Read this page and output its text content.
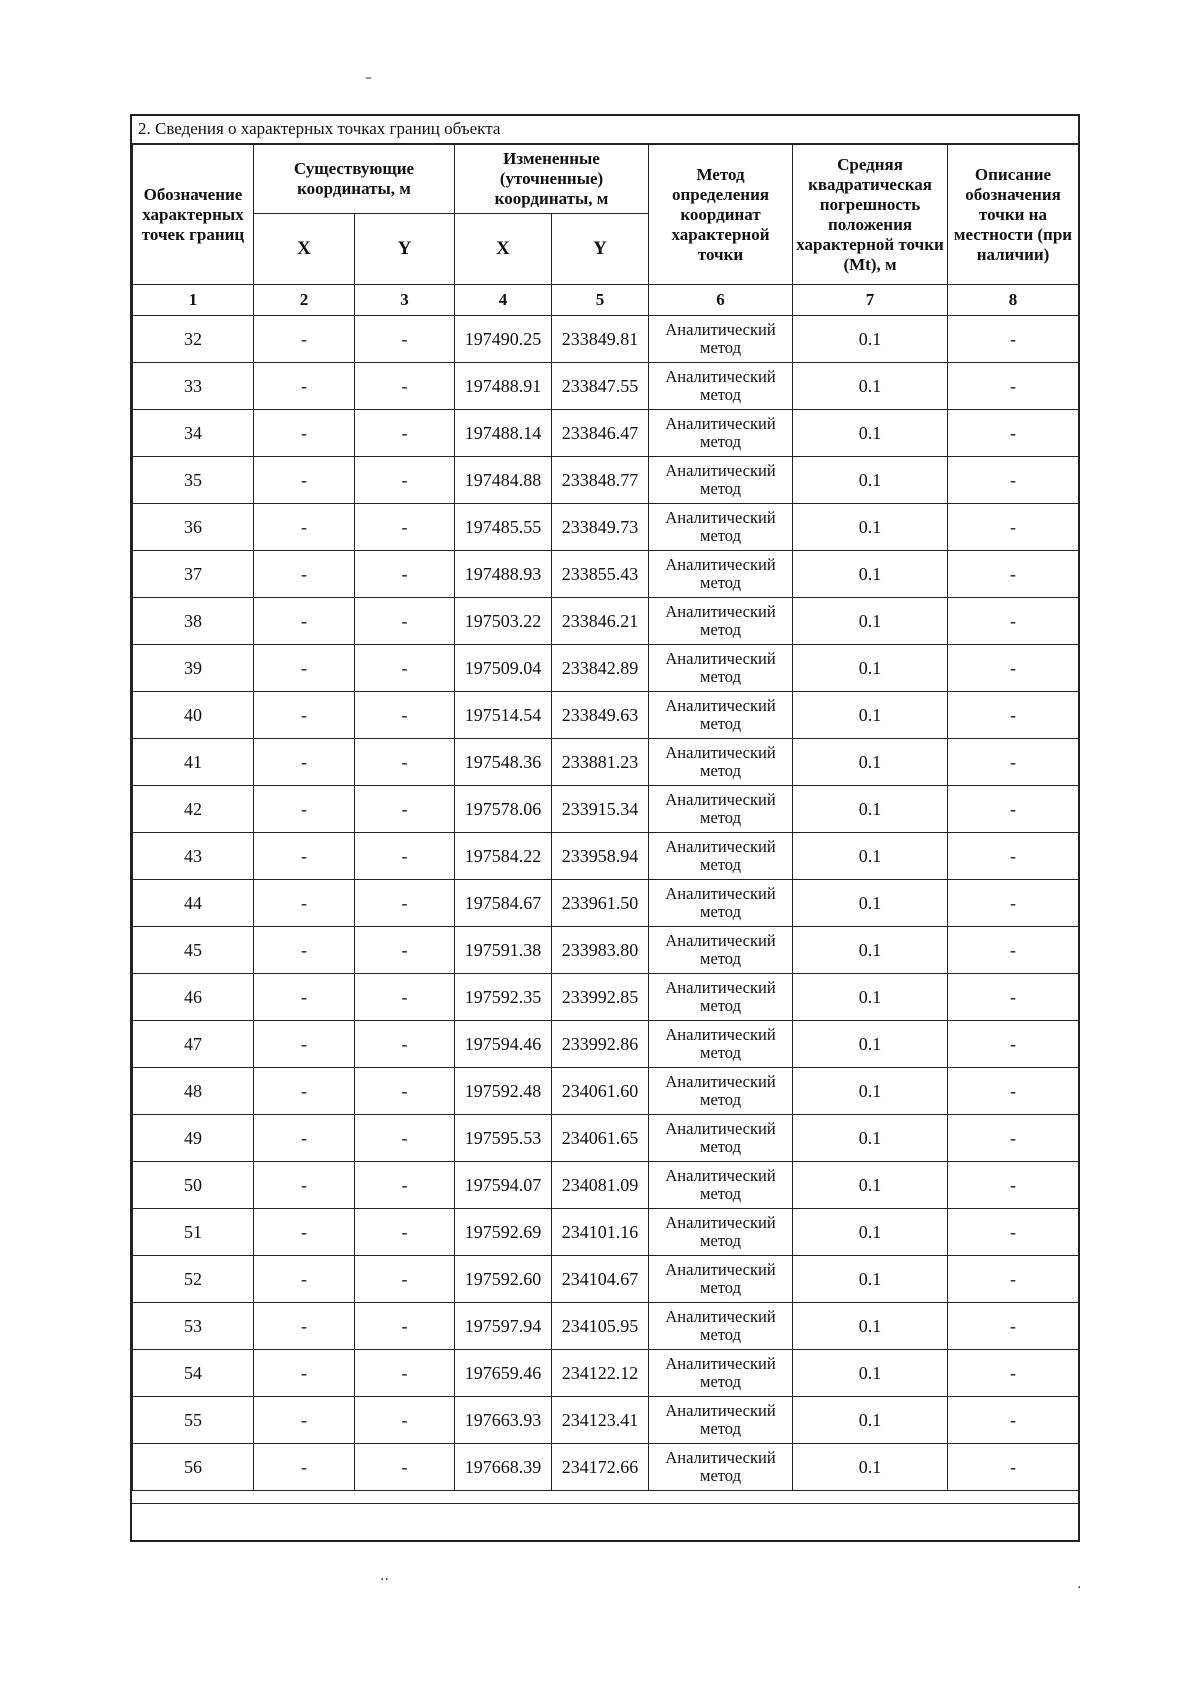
–
··	·
2. Сведения о характерных точках границ объекта
Обозначение характерных точек границ	Существующие координаты, м		Измененные (уточненные) координаты, м		Метод определения координат характерной точки	Средняя квадратическая погрешность положения характерной точки (Mt), м	Описание обозначения точки на местности (при наличии)
	X	Y	X	Y			
1	2	3	4	5	6	7	8
32	-	-	197490.25	233849.81	Аналитический метод	0.1	-
33	-	-	197488.91	233847.55	Аналитический метод	0.1	-
34	-	-	197488.14	233846.47	Аналитический метод	0.1	-
35	-	-	197484.88	233848.77	Аналитический метод	0.1	-
36	-	-	197485.55	233849.73	Аналитический метод	0.1	-
37	-	-	197488.93	233855.43	Аналитический метод	0.1	-
38	-	-	197503.22	233846.21	Аналитический метод	0.1	-
39	-	-	197509.04	233842.89	Аналитический метод	0.1	-
40	-	-	197514.54	233849.63	Аналитический метод	0.1	-
41	-	-	197548.36	233881.23	Аналитический метод	0.1	-
42	-	-	197578.06	233915.34	Аналитический метод	0.1	-
43	-	-	197584.22	233958.94	Аналитический метод	0.1	-
44	-	-	197584.67	233961.50	Аналитический метод	0.1	-
45	-	-	197591.38	233983.80	Аналитический метод	0.1	-
46	-	-	197592.35	233992.85	Аналитический метод	0.1	-
47	-	-	197594.46	233992.86	Аналитический метод	0.1	-
48	-	-	197592.48	234061.60	Аналитический метод	0.1	-
49	-	-	197595.53	234061.65	Аналитический метод	0.1	-
50	-	-	197594.07	234081.09	Аналитический метод	0.1	-
51	-	-	197592.69	234101.16	Аналитический метод	0.1	-
52	-	-	197592.60	234104.67	Аналитический метод	0.1	-
53	-	-	197597.94	234105.95	Аналитический метод	0.1	-
54	-	-	197659.46	234122.12	Аналитический метод	0.1	-
55	-	-	197663.93	234123.41	Аналитический метод	0.1	-
56	-	-	197668.39	234172.66	Аналитический метод	0.1	-
